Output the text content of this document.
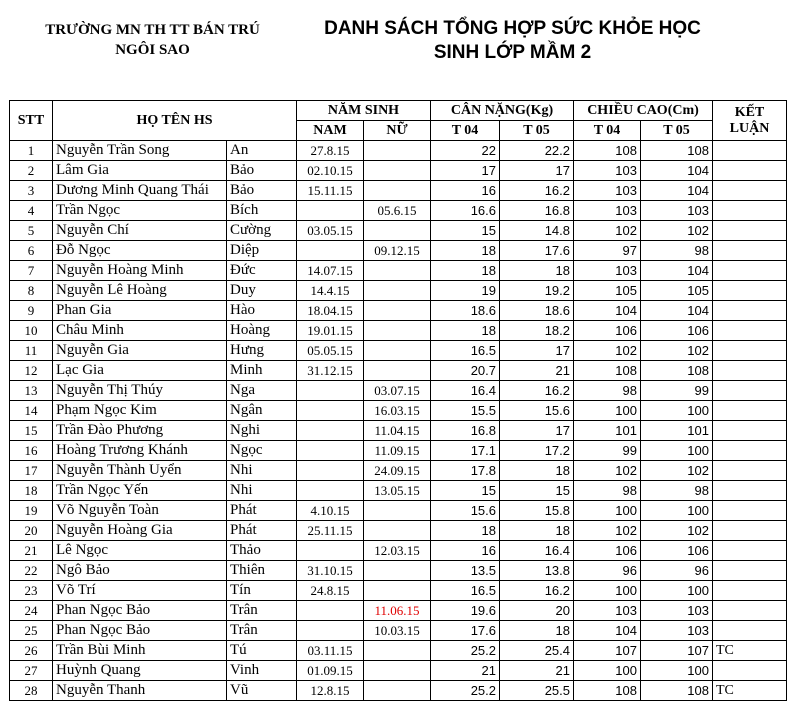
TRƯỜNG MN TH TT BÁN TRÚ
NGÔI SAO
DANH SÁCH TỔNG HỢP SỨC KHỎE HỌC
SINH LỚP MẦM 2
STT	HỌ TÊN HS		NĂM SINH		CÂN NẶNG(Kg)		CHIỀU CAO(Cm)		KẾT
LUẬN

			NAM	NỮ	T 04	T 05	T 04	T 05	
1	Nguyễn Trần Song	An	27.8.15		22	22.2	108	108	
2	Lâm Gia	Bảo	02.10.15		17	17	103	104	
3	Dương Minh Quang Thái	Bảo	15.11.15		16	16.2	103	104	
4	Trần Ngọc	Bích		05.6.15	16.6	16.8	103	103	
5	Nguyễn Chí	Cường	03.05.15		15	14.8	102	102	
6	Đỗ Ngọc	Diệp		09.12.15	18	17.6	97	98	
7	Nguyễn Hoàng Minh	Đức	14.07.15		18	18	103	104	
8	Nguyễn Lê Hoàng	Duy	14.4.15		19	19.2	105	105	
9	Phan Gia	Hào	18.04.15		18.6	18.6	104	104	
10	Châu Minh	Hoàng	19.01.15		18	18.2	106	106	
11	Nguyễn Gia	Hưng	05.05.15		16.5	17	102	102	
12	Lạc Gia	Minh	31.12.15		20.7	21	108	108	
13	Nguyễn Thị Thúy	Nga		03.07.15	16.4	16.2	98	99	
14	Phạm Ngọc Kim	Ngân		16.03.15	15.5	15.6	100	100	
15	Trần Đào Phương	Nghi		11.04.15	16.8	17	101	101	
16	Hoàng Trương Khánh	Ngọc		11.09.15	17.1	17.2	99	100	
17	Nguyễn Thành Uyển	Nhi		24.09.15	17.8	18	102	102	
18	Trần Ngọc Yến	Nhi		13.05.15	15	15	98	98	
19	Võ Nguyễn Toàn	Phát	4.10.15		15.6	15.8	100	100	
20	Nguyễn Hoàng Gia	Phát	25.11.15		18	18	102	102	
21	Lê Ngọc	Thảo		12.03.15	16	16.4	106	106	
22	Ngô Bảo	Thiên	31.10.15		13.5	13.8	96	96	
23	Võ Trí	Tín	24.8.15		16.5	16.2	100	100	
24	Phan Ngọc Bảo	Trân		11.06.15	19.6	20	103	103	
25	Phan Ngọc Bảo	Trân		10.03.15	17.6	18	104	103	
26	Trần Bùi Minh	Tú	03.11.15		25.2	25.4	107	107	TC
27	Huỳnh Quang	Vinh	01.09.15		21	21	100	100	
28	Nguyễn Thanh	Vũ	12.8.15		25.2	25.5	108	108	TC
